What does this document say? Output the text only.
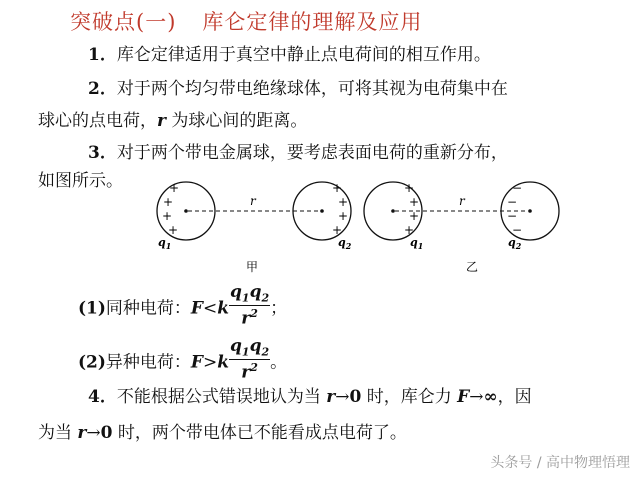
突破点(一) 库仑定律的理解及应用
1．库仑定律适用于真空中静止点电荷间的相互作用。
2．对于两个均匀带电绝缘球体，可将其视为电荷集中在
球心的点电荷，r 为球心间的距离。
3．对于两个带电金属球，要考虑表面电荷的重新分布，
如图所示。
r
+
+
+
+
+
+
+
+
$q_1$	$q_2$
甲
r
+
+
+
+
−
−
−
−
$q_1$	$q_2$
乙
(1)同种电荷：$F<k \frac{q_1q_2}{r^2}$ ；
(2)异种电荷：$F>k \frac{q_1q_2}{r^2}$ 。
4．不能根据公式错误地认为当 r→0 时，库仑力 F→∞，因
为当 r→0 时，两个带电体已不能看成点电荷了。
头条号 / 高中物理悟理
